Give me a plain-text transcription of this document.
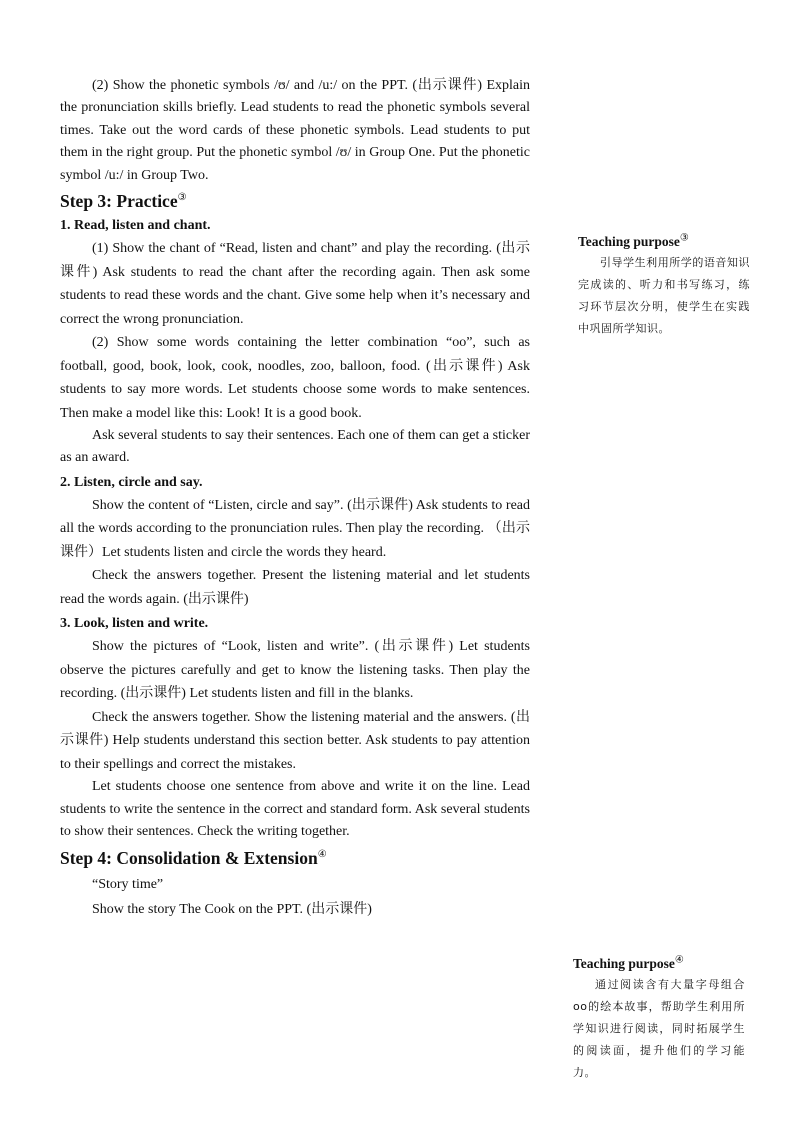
(2) Show the phonetic symbols /ʊ/ and /u:/ on the PPT. (出示课件) Explain the pronunciation skills briefly. Lead students to read the phonetic symbols several times. Take out the word cards of these phonetic symbols. Lead students to put them in the right group. Put the phonetic symbol /ʊ/ in Group One. Put the phonetic symbol /u:/ in Group Two.

Step 3: Practice③
1. Read, listen and chant.

(1) Show the chant of “Read, listen and chant” and play the recording. (出示课件) Ask students to read the chant after the recording again. Then ask some students to read these words and the chant. Give some help when it’s necessary and correct the wrong pronunciation.

(2) Show some words containing the letter combination “oo”, such as football, good, book, look, cook, noodles, zoo, balloon, food. (出示课件) Ask students to say more words. Let students choose some words to make sentences. Then make a model like this: Look! It is a good book.

Ask several students to say their sentences. Each one of them can get a sticker as an award.

2. Listen, circle and say.

Show the content of “Listen, circle and say”. (出示课件) Ask students to read all the words according to the pronunciation rules. Then play the recording. （出示课件）Let students listen and circle the words they heard.

Check the answers together. Present the listening material and let students read the words again. (出示课件)

3. Look, listen and write.

Show the pictures of “Look, listen and write”. (出示课件) Let students observe the pictures carefully and get to know the listening tasks. Then play the recording. (出示课件) Let students listen and fill in the blanks.

Check the answers together. Show the listening material and the answers. (出示课件) Help students understand this section better. Ask students to pay attention to their spellings and correct the mistakes.

Let students choose one sentence from above and write it on the line. Lead students to write the sentence in the correct and standard form. Ask several students to show their sentences. Check the writing together.

Step 4: Consolidation & Extension④

“Story time”

Show the story The Cook on the PPT. (出示课件)

Teaching purpose③

引导学生利用所学的语音知识完成读的、听力和书写练习，练习环节层次分明，使学生在实践中巩固所学知识。

Teaching purpose④

通过阅读含有大量字母组合oo的绘本故事，帮助学生利用所学知识进行阅读，同时拓展学生的阅读面，提升他们的学习能力。
